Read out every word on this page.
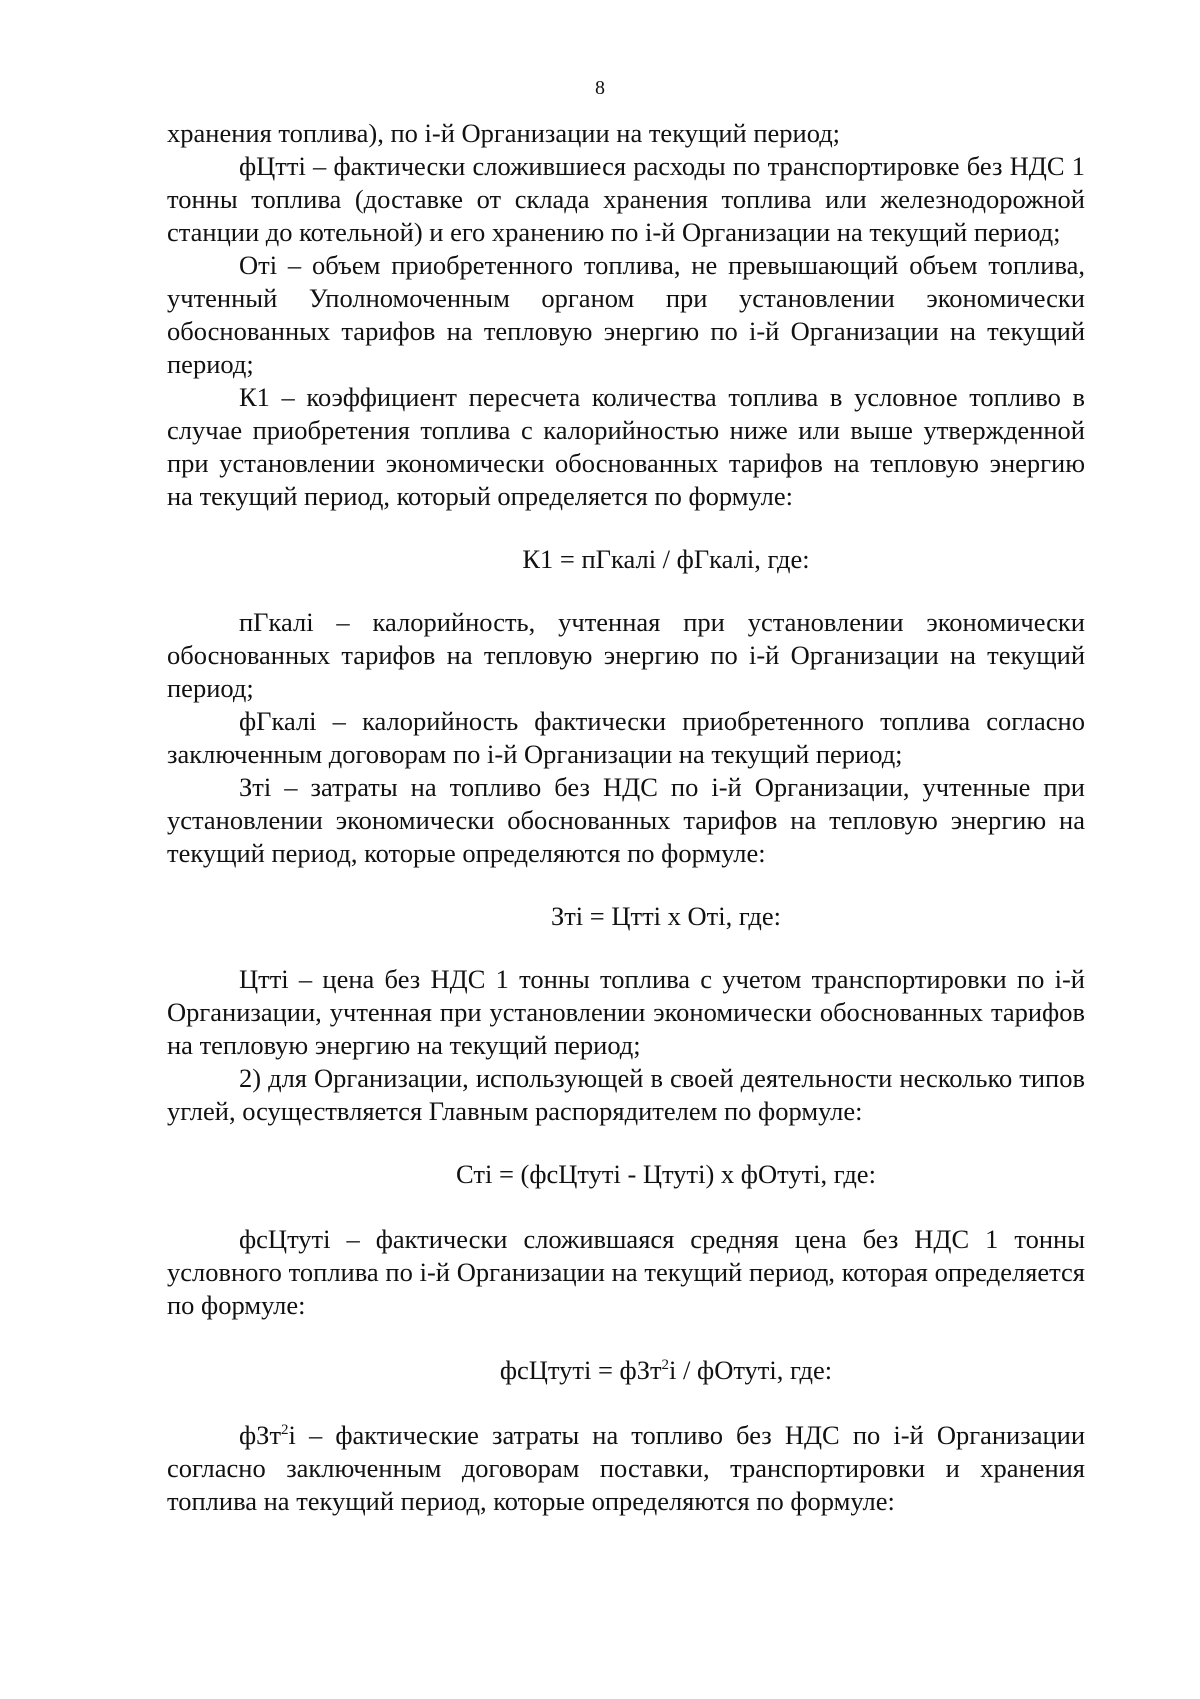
8

хранения топлива), по i-й Организации на текущий период;

фЦтті – фактически сложившиеся расходы по транспортировке без НДС 1 тонны топлива (доставке от склада хранения топлива или железнодорожной станции до котельной) и его хранению по i-й Организации на текущий период;

Оті – объем приобретенного топлива, не превышающий объем топлива, учтенный Уполномоченным органом при установлении экономически обоснованных тарифов на тепловую энергию по i-й Организации на текущий период;

К1 – коэффициент пересчета количества топлива в условное топливо в случае приобретения топлива с калорийностью ниже или выше утвержденной при установлении экономически обоснованных тарифов на тепловую энергию на текущий период, который определяется по формуле:

К1 = пГкалі / фГкалі, где:

пГкалі – калорийность, учтенная при установлении экономически обоснованных тарифов на тепловую энергию по i-й Организации на текущий период;

фГкалі – калорийность фактически приобретенного топлива согласно заключенным договорам по i-й Организации на текущий период;

Зті – затраты на топливо без НДС по i-й Организации, учтенные при установлении экономически обоснованных тарифов на тепловую энергию на текущий период, которые определяются по формуле:

Зті = Цтті х Оті, где:

Цтті – цена без НДС 1 тонны топлива с учетом транспортировки по i-й Организации, учтенная при установлении экономически обоснованных тарифов на тепловую энергию на текущий период;

2) для Организации, использующей в своей деятельности несколько типов углей, осуществляется Главным распорядителем по формуле:

Сті = (фсЦтуті - Цтуті) х фОтуті, где:

фсЦтуті – фактически сложившаяся средняя цена без НДС 1 тонны условного топлива по i-й Организации на текущий период, которая определяется по формуле:

фсЦтуті = фЗт$^2$i / фОтуті, где:

фЗт$^2$i – фактические затраты на топливо без НДС по i-й Организации согласно заключенным договорам поставки, транспортировки и хранения топлива на текущий период, которые определяются по формуле:
